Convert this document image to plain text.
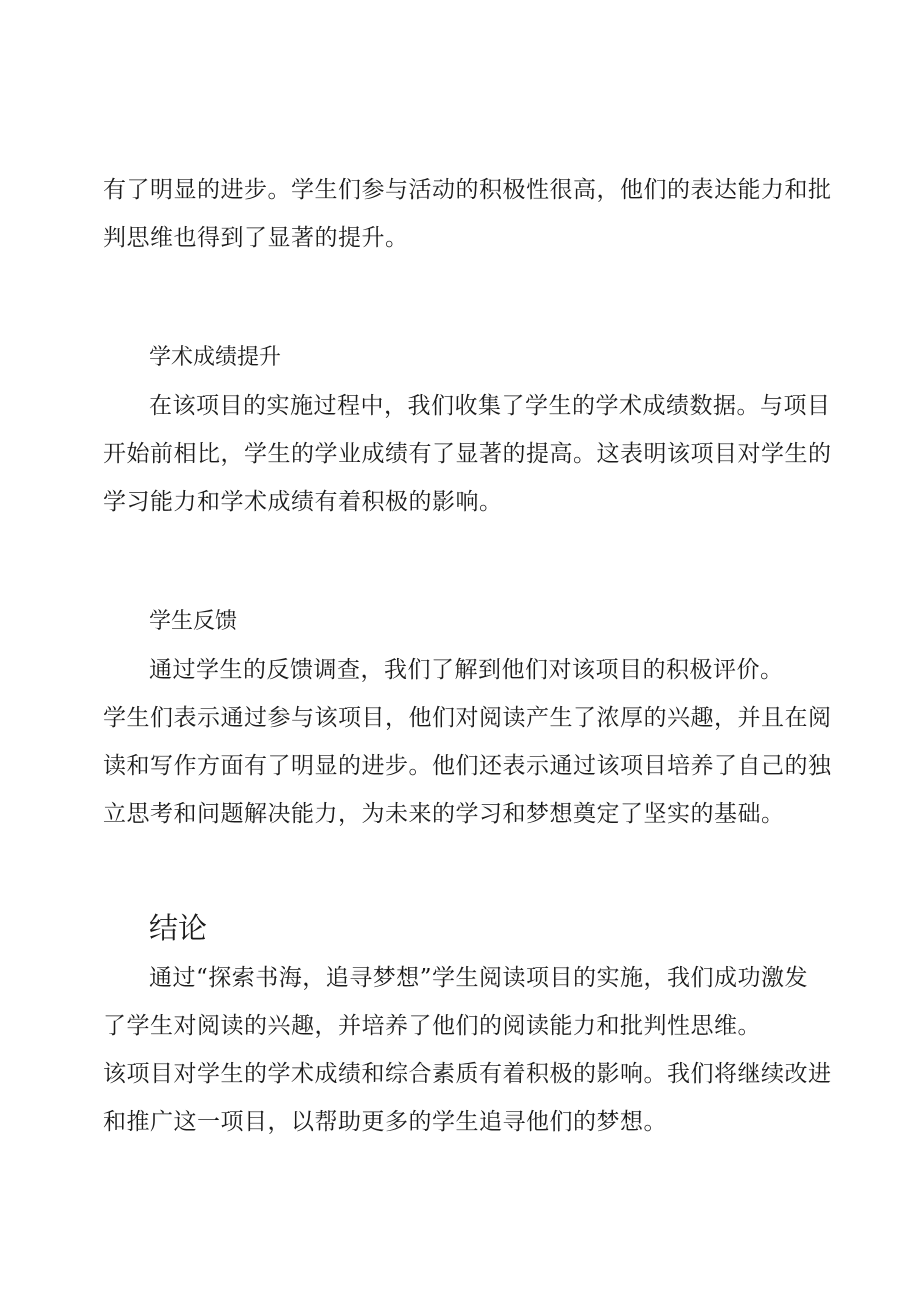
有了明显的进步。学生们参与活动的积极性很高，他们的表达能力和批
判思维也得到了显著的提升。
学术成绩提升
在该项目的实施过程中，我们收集了学生的学术成绩数据。与项目
开始前相比，学生的学业成绩有了显著的提高。这表明该项目对学生的
学习能力和学术成绩有着积极的影响。
学生反馈
通过学生的反馈调查，我们了解到他们对该项目的积极评价。
学生们表示通过参与该项目，他们对阅读产生了浓厚的兴趣，并且在阅
读和写作方面有了明显的进步。他们还表示通过该项目培养了自己的独
立思考和问题解决能力，为未来的学习和梦想奠定了坚实的基础。
结论
通过“探索书海，追寻梦想”学生阅读项目的实施，我们成功激发
了学生对阅读的兴趣，并培养了他们的阅读能力和批判性思维。
该项目对学生的学术成绩和综合素质有着积极的影响。我们将继续改进
和推广这一项目，以帮助更多的学生追寻他们的梦想。
